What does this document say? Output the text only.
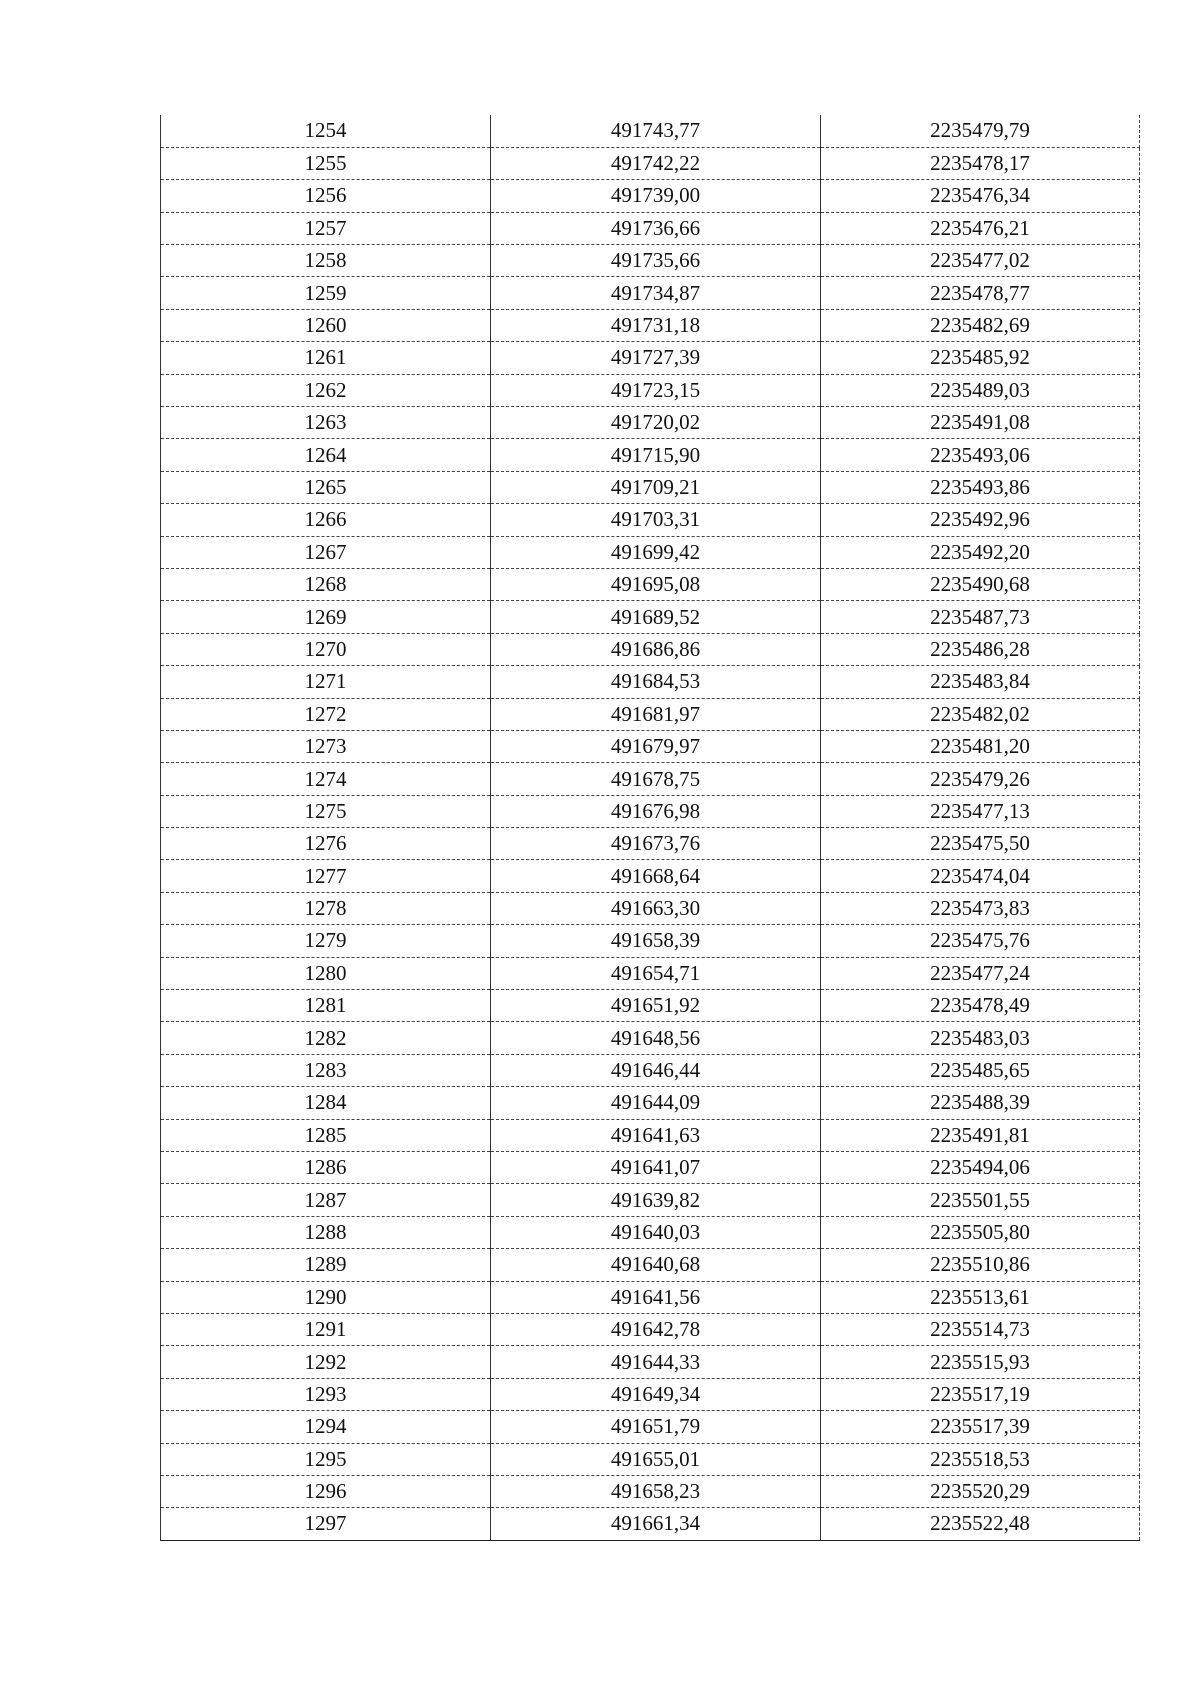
1254	491743,77	2235479,79
1255	491742,22	2235478,17
1256	491739,00	2235476,34
1257	491736,66	2235476,21
1258	491735,66	2235477,02
1259	491734,87	2235478,77
1260	491731,18	2235482,69
1261	491727,39	2235485,92
1262	491723,15	2235489,03
1263	491720,02	2235491,08
1264	491715,90	2235493,06
1265	491709,21	2235493,86
1266	491703,31	2235492,96
1267	491699,42	2235492,20
1268	491695,08	2235490,68
1269	491689,52	2235487,73
1270	491686,86	2235486,28
1271	491684,53	2235483,84
1272	491681,97	2235482,02
1273	491679,97	2235481,20
1274	491678,75	2235479,26
1275	491676,98	2235477,13
1276	491673,76	2235475,50
1277	491668,64	2235474,04
1278	491663,30	2235473,83
1279	491658,39	2235475,76
1280	491654,71	2235477,24
1281	491651,92	2235478,49
1282	491648,56	2235483,03
1283	491646,44	2235485,65
1284	491644,09	2235488,39
1285	491641,63	2235491,81
1286	491641,07	2235494,06
1287	491639,82	2235501,55
1288	491640,03	2235505,80
1289	491640,68	2235510,86
1290	491641,56	2235513,61
1291	491642,78	2235514,73
1292	491644,33	2235515,93
1293	491649,34	2235517,19
1294	491651,79	2235517,39
1295	491655,01	2235518,53
1296	491658,23	2235520,29
1297	491661,34	2235522,48
